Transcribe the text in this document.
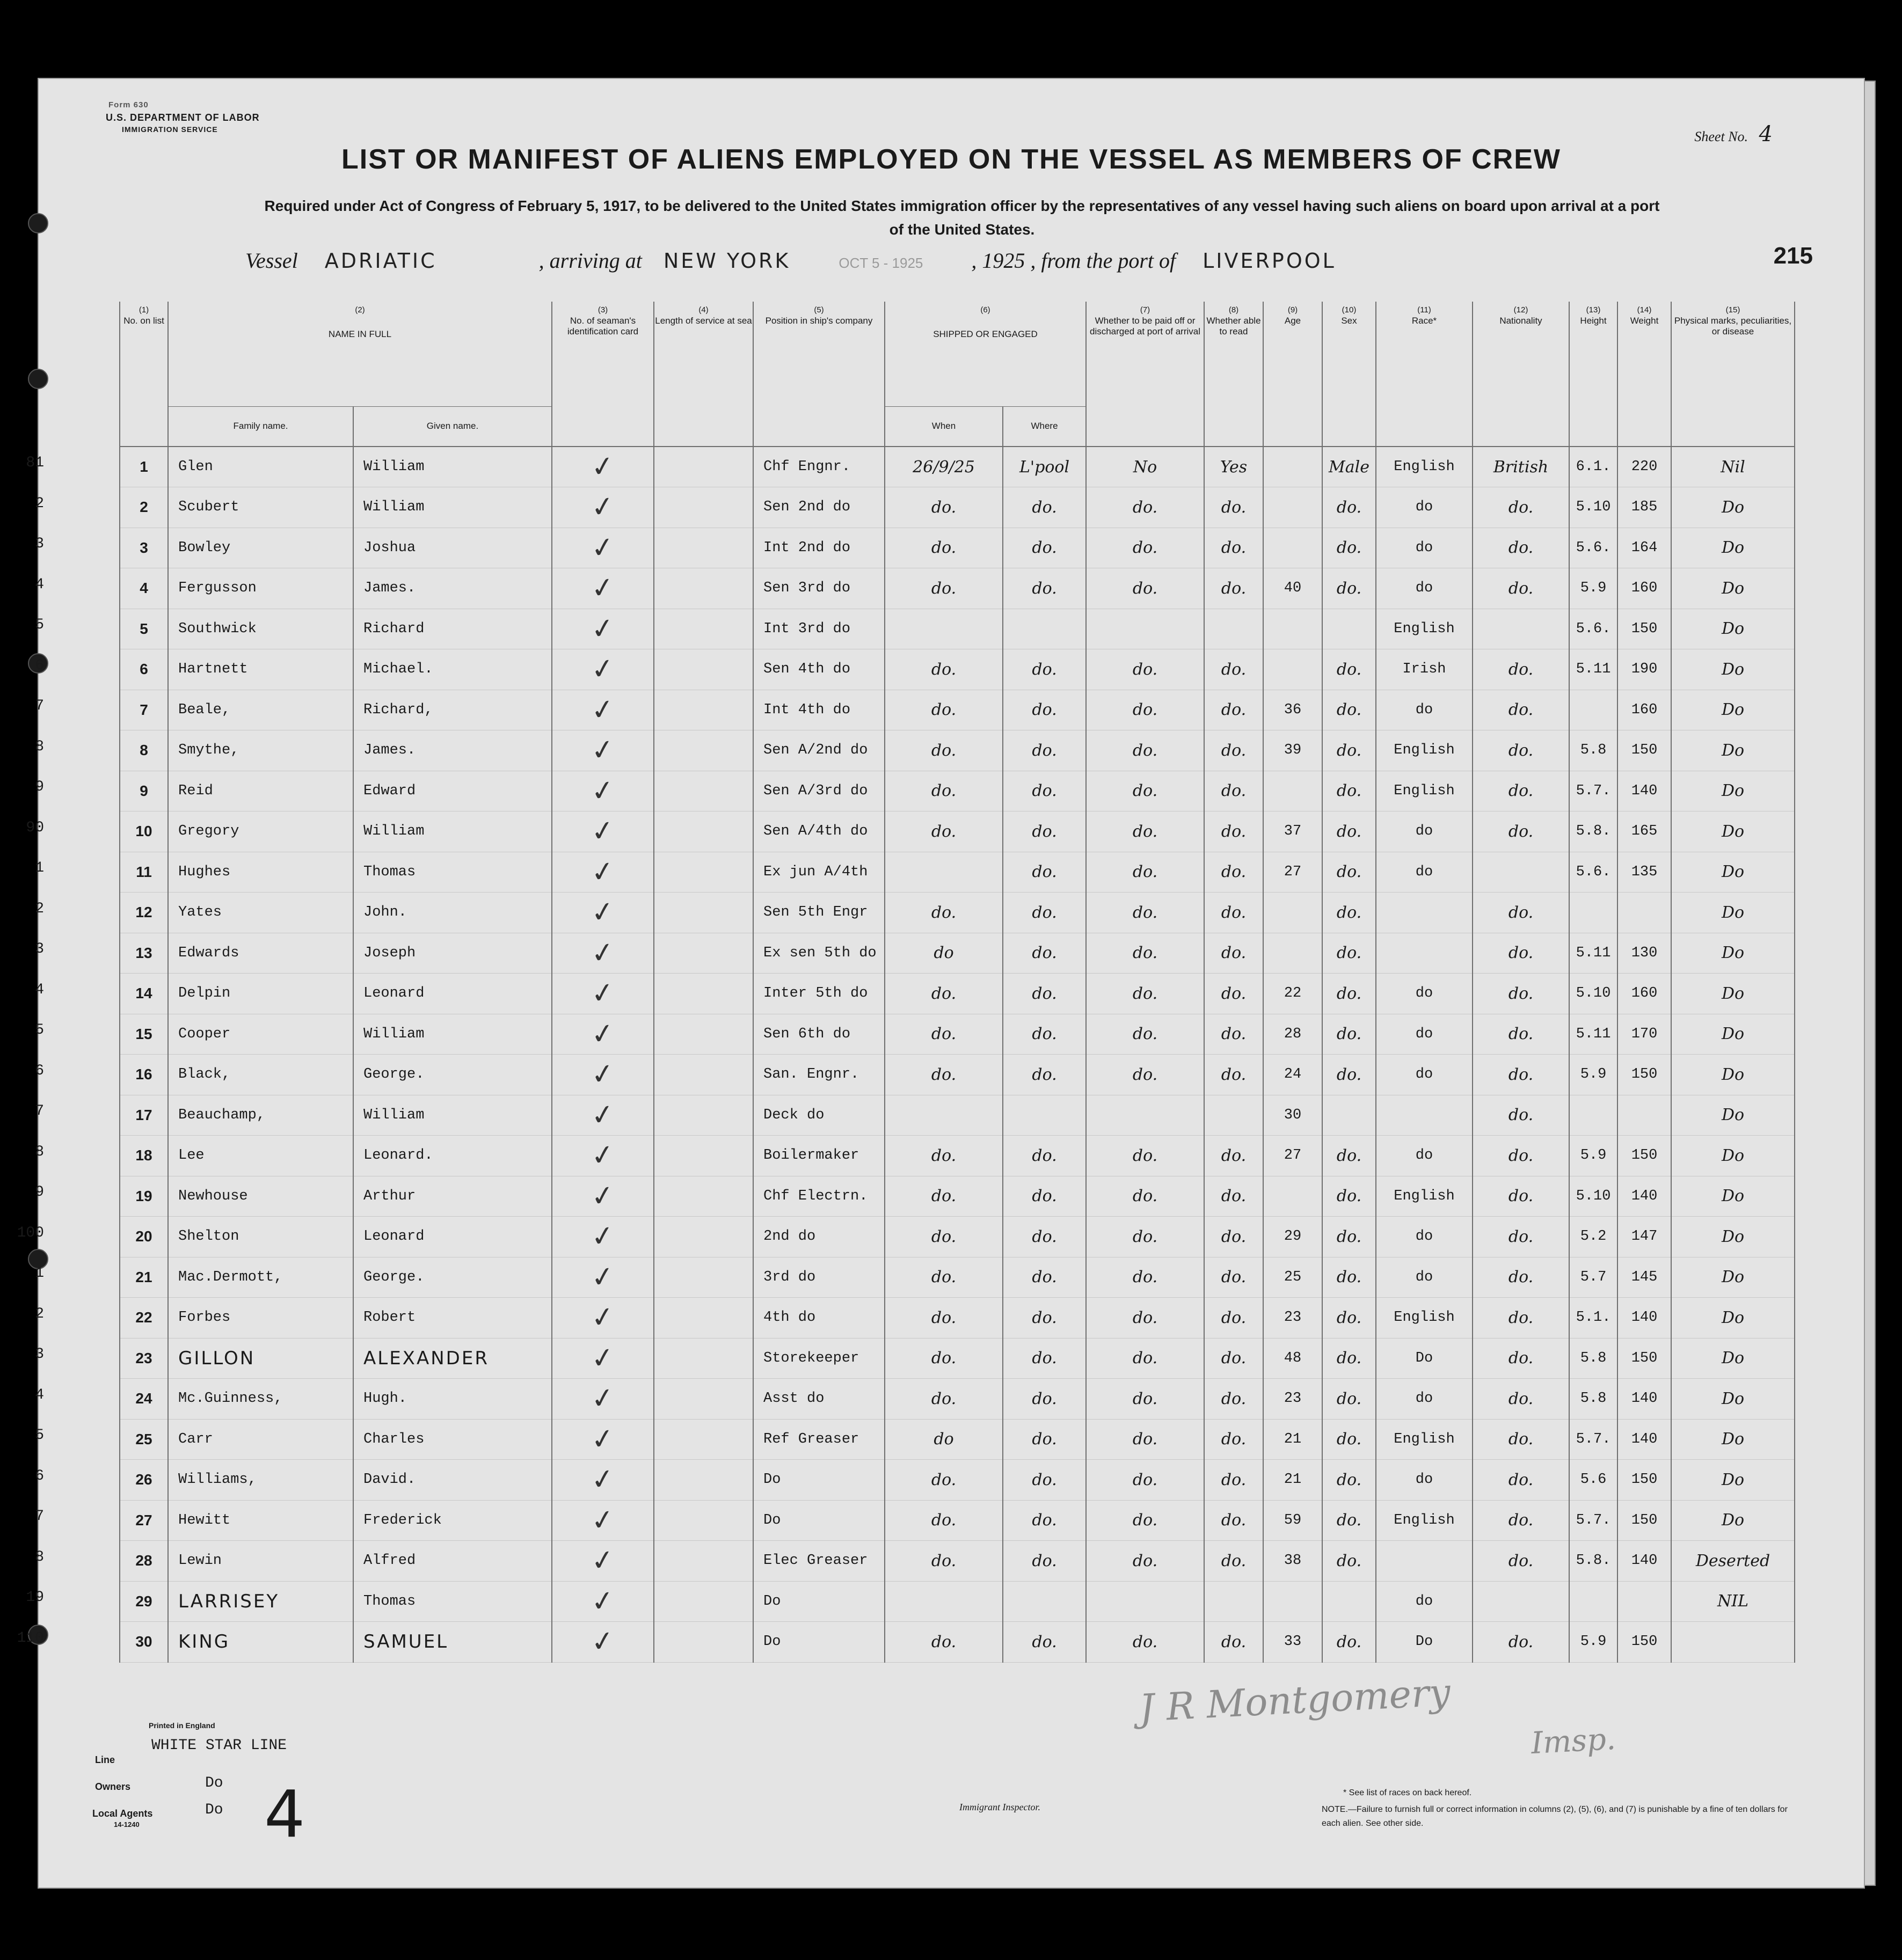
Form 630
U.S. DEPARTMENT OF LABOR
IMMIGRATION SERVICE	Sheet No. 4
LIST OR MANIFEST OF ALIENS EMPLOYED ON THE VESSEL AS MEMBERS OF CREW
Required under Act of Congress of February 5, 1917, to be delivered to the United States immigration officer by the representatives of any vessel having such aliens on board upon arrival at a port of the United States.
215
Vessel ADRIATIC	, arriving at NEW YORK	OCT 5 - 1925 , 1925 , from the port of LIVERPOOL
81
2
3
4
5
6
7
8
9
90
1
2
3
4
5
6
7
8
9
100
1
2
3
4
5
6
7
8
19
110
(1)
No. on list	(2)
NAME IN FULL		(3)
No. of seaman's identification card	(4)
Length of service at sea	(5)
Position in ship's company	(6)
SHIPPED OR ENGAGED		(7)
Whether to be paid off or discharged at port of arrival	(8)
Whether able to read	(9)
Age	(10)
Sex	(11)
Race*	(12)
Nationality	(13)
Height	(14)
Weight	(15)
Physical marks, peculiarities, or disease
	Family name.	Given name.				When	Where									
1	Glen	William	✓		Chf Engnr.	26/9/25	L'pool	No	Yes		Male	English	British	6.1.	220	Nil
2	Scubert	William	✓		Sen 2nd do	do.	do.	do.	do.		do.	do	do.	5.10	185	Do
3	Bowley	Joshua	✓		Int 2nd do	do.	do.	do.	do.		do.	do	do.	5.6.	164	Do
4	Fergusson	James.	✓		Sen 3rd do	do.	do.	do.	do.	40	do.	do	do.	5.9	160	Do
5	Southwick	Richard	✓		Int 3rd do							English		5.6.	150	Do
6	Hartnett	Michael.	✓		Sen 4th do	do.	do.	do.	do.		do.	Irish	do.	5.11	190	Do
7	Beale,	Richard,	✓		Int 4th do	do.	do.	do.	do.	36	do.	do	do.		160	Do
8	Smythe,	James.	✓		Sen A/2nd do	do.	do.	do.	do.	39	do.	English	do.	5.8	150	Do
9	Reid	Edward	✓		Sen A/3rd do	do.	do.	do.	do.		do.	English	do.	5.7.	140	Do
10	Gregory	William	✓		Sen A/4th do	do.	do.	do.	do.	37	do.	do	do.	5.8.	165	Do
11	Hughes	Thomas	✓		Ex jun A/4th		do.	do.	do.	27	do.	do		5.6.	135	Do
12	Yates	John.	✓		Sen 5th Engr	do.	do.	do.	do.		do.		do.			Do
13	Edwards	Joseph	✓		Ex sen 5th do	do	do.	do.	do.		do.		do.	5.11	130	Do
14	Delpin	Leonard	✓		Inter 5th do	do.	do.	do.	do.	22	do.	do	do.	5.10	160	Do
15	Cooper	William	✓		Sen 6th do	do.	do.	do.	do.	28	do.	do	do.	5.11	170	Do
16	Black,	George.	✓		San. Engnr.	do.	do.	do.	do.	24	do.	do	do.	5.9	150	Do
17	Beauchamp,	William	✓		Deck do					30			do.			Do
18	Lee	Leonard.	✓		Boilermaker	do.	do.	do.	do.	27	do.	do	do.	5.9	150	Do
19	Newhouse	Arthur	✓		Chf Electrn.	do.	do.	do.	do.		do.	English	do.	5.10	140	Do
20	Shelton	Leonard	✓		2nd do	do.	do.	do.	do.	29	do.	do	do.	5.2	147	Do
21	Mac.Dermott,	George.	✓		3rd do	do.	do.	do.	do.	25	do.	do	do.	5.7	145	Do
22	Forbes	Robert	✓		4th do	do.	do.	do.	do.	23	do.	English	do.	5.1.	140	Do
23	GILLON	ALEXANDER	✓		Storekeeper	do.	do.	do.	do.	48	do.	Do	do.	5.8	150	Do
24	Mc.Guinness,	Hugh.	✓		Asst do	do.	do.	do.	do.	23	do.	do	do.	5.8	140	Do
25	Carr	Charles	✓		Ref Greaser	do	do.	do.	do.	21	do.	English	do.	5.7.	140	Do
26	Williams,	David.	✓		Do	do.	do.	do.	do.	21	do.	do	do.	5.6	150	Do
27	Hewitt	Frederick	✓		Do	do.	do.	do.	do.	59	do.	English	do.	5.7.	150	Do
28	Lewin	Alfred	✓		Elec Greaser	do.	do.	do.	do.	38	do.		do.	5.8.	140	Deserted
29	LARRISEY	Thomas	✓		Do							do				NIL
30	KING	SAMUEL	✓		Do	do.	do.	do.	do.	33	do.	Do	do.	5.9	150	
Printed in England
Line
WHITE STAR LINE
Owners	Do
Local Agents	Do
14-1240 4	Immigrant Inspector.
* See list of races on back hereof.
NOTE.—Failure to furnish full or correct information in columns (2), (5), (6), and (7) is punishable by a fine of ten dollars for each alien. See other side.
J R Montgomery
Imsp.
